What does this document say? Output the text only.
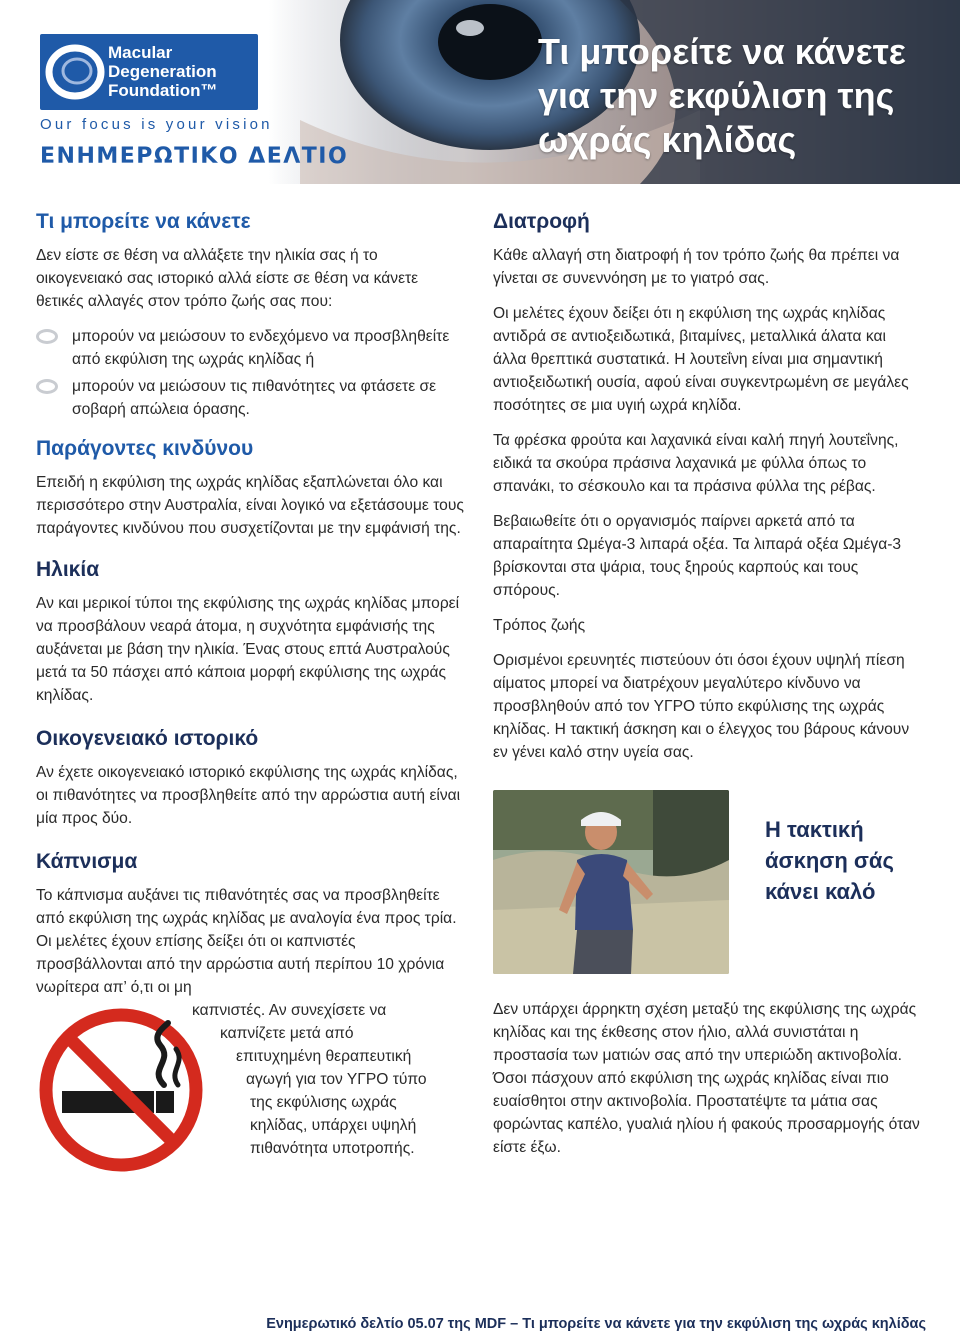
Macular
Degeneration
Foundation™
Our focus is your vision
ΕΝΗΜΕΡΩΤΙΚΟ ΔΕΛΤΙΟ
Τι μπορείτε να κάνετε
για την εκφύλιση της
ωχράς κηλίδας
Τι μπορείτε να κάνετε

Δεν είστε σε θέση να αλλάξετε την ηλικία σας ή το οικογενειακό σας ιστορικό αλλά είστε σε θέση να κάνετε θετικές αλλαγές στον τρόπο ζωής σας που:

μπορούν να μειώσουν το ενδεχόμενο να προσβληθείτε από εκφύλιση της ωχράς κηλίδας ή
μπορούν να μειώσουν τις πιθανότητες να φτάσετε σε σοβαρή απώλεια όρασης.
Παράγοντες κινδύνου

Επειδή η εκφύλιση της ωχράς κηλίδας εξαπλώνεται όλο και περισσότερο στην Αυστραλία, είναι λογικό να εξετάσουμε τους παράγοντες κινδύνου που συσχετίζονται με την εμφάνισή της.

Ηλικία

Αν και μερικοί τύποι της εκφύλισης της ωχράς κηλίδας μπορεί να προσβάλουν νεαρά άτομα, η συχνότητα εμφάνισής της αυξάνεται με βάση την ηλικία. Ένας στους επτά Αυστραλούς μετά τα 50 πάσχει από κάποια μορφή εκφύλισης της ωχράς κηλίδας.

Οικογενειακό ιστορικό

Αν έχετε οικογενειακό ιστορικό εκφύλισης της ωχράς κηλίδας, οι πιθανότητες να προσβληθείτε από την αρρώστια αυτή είναι μία προς δύο.

Κάπνισμα

Το κάπνισμα αυξάνει τις πιθανότητές σας να προσβληθείτε από εκφύλιση της ωχράς κηλίδας με αναλογία ένα προς τρία. Οι μελέτες έχουν επίσης δείξει ότι οι καπνιστές προσβάλλονται από την αρρώστια αυτή περίπου 10 χρόνια νωρίτερα απ’ ό,τι οι μη

καπνιστές. Αν συνεχίσετε να
καπνίζετε μετά από
επιτυχημένη θεραπευτική
αγωγή για τον ΥΓΡΟ τύπο
της εκφύλισης ωχράς
κηλίδας, υπάρχει υψηλή
πιθανότητα υποτροπής.
Διατροφή

Κάθε αλλαγή στη διατροφή ή τον τρόπο ζωής θα πρέπει να γίνεται σε συνεννόηση με το γιατρό σας.

Οι μελέτες έχουν δείξει ότι η εκφύλιση της ωχράς κηλίδας αντιδρά σε αντιοξειδωτικά, βιταμίνες, μεταλλικά άλατα και άλλα θρεπτικά συστατικά. Η λουτεΐνη είναι μια σημαντική αντιοξειδωτική ουσία, αφού είναι συγκεντρωμένη σε μεγάλες ποσότητες σε μια υγιή ωχρά κηλίδα.

Τα φρέσκα φρούτα και λαχανικά είναι καλή πηγή λουτεΐνης, ειδικά τα σκούρα πράσινα λαχανικά με φύλλα όπως το σπανάκι, το σέσκουλο και τα πράσινα φύλλα της ρέβας.

Βεβαιωθείτε ότι ο οργανισμός παίρνει αρκετά από τα απαραίτητα Ωμέγα-3 λιπαρά οξέα. Τα λιπαρά οξέα Ωμέγα-3 βρίσκονται στα ψάρια, τους ξηρούς καρπούς και τους σπόρους.

Τρόπος ζωής

Ορισμένοι ερευνητές πιστεύουν ότι όσοι έχουν υψηλή πίεση αίματος μπορεί να διατρέχουν μεγαλύτερο κίνδυνο να προσβληθούν από τον ΥΓΡΟ τύπο εκφύλισης της ωχράς κηλίδας. Η τακτική άσκηση και ο έλεγχος του βάρους κάνουν εν γένει καλό στην υγεία σας.

Η τακτική άσκηση σάς κάνει καλό

Δεν υπάρχει άρρηκτη σχέση μεταξύ της εκφύλισης της ωχράς κηλίδας και της έκθεσης στον ήλιο, αλλά συνιστάται η προστασία των ματιών σας από την υπεριώδη ακτινοβολία. Όσοι πάσχουν από εκφύλιση της ωχράς κηλίδας είναι πιο ευαίσθητοι στην ακτινοβολία. Προστατέψτε τα μάτια σας φορώντας καπέλο, γυαλιά ηλίου ή φακούς προσαρμογής όταν είστε έξω.

Ενημερωτικό δελτίο 05.07 της MDF – Τι μπορείτε να κάνετε για την εκφύλιση της ωχράς κηλίδας
